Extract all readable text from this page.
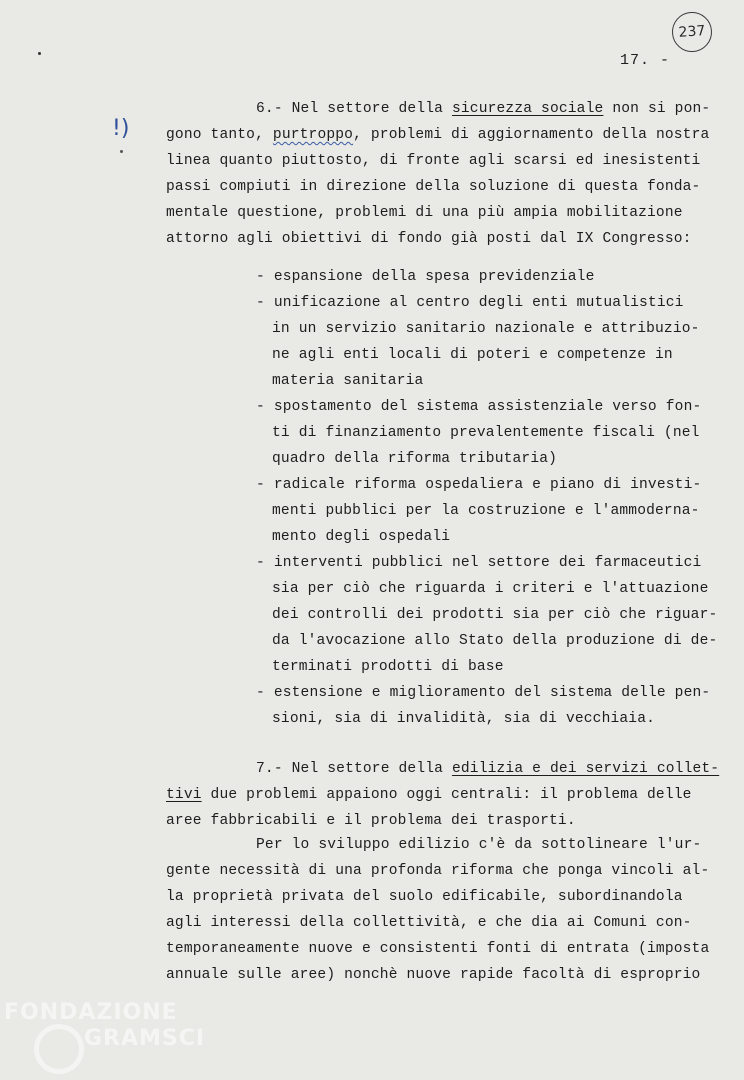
237
17. -
!)
6.- Nel settore della sicurezza sociale non si pon-
gono tanto, purtroppo, problemi di aggiornamento della nostra
linea quanto piuttosto, di fronte agli scarsi ed inesistenti
passi compiuti in direzione della soluzione di questa fonda-
mentale questione, problemi di una più ampia mobilitazione
attorno agli obiettivi di fondo già posti dal IX Congresso:
- espansione della spesa previdenziale
- unificazione al centro degli enti mutualistici
in un servizio sanitario nazionale e attribuzio-
ne agli enti locali di poteri e competenze in
materia sanitaria
- spostamento del sistema assistenziale verso fon-
ti di finanziamento prevalentemente fiscali (nel
quadro della riforma tributaria)
- radicale riforma ospedaliera e piano di investi-
menti pubblici per la costruzione e l'ammoderna-
mento degli ospedali
- interventi pubblici nel settore dei farmaceutici
sia per ciò che riguarda i criteri e l'attuazione
dei controlli dei prodotti sia per ciò che riguar-
da l'avocazione allo Stato della produzione di de-
terminati prodotti di base
- estensione e miglioramento del sistema delle pen-
sioni, sia di invalidità, sia di vecchiaia.
7.- Nel settore della edilizia e dei servizi collet-
tivi due problemi appaiono oggi centrali: il problema delle
aree fabbricabili e il problema dei trasporti.
Per lo sviluppo edilizio c'è da sottolineare l'ur-
gente necessità di una profonda riforma che ponga vincoli al-
la proprietà privata del suolo edificabile, subordinandola
agli interessi della collettività, e che dia ai Comuni con-
temporaneamente nuove e consistenti fonti di entrata (imposta
annuale sulle aree) nonchè nuove rapide facoltà di esproprio
FONDAZIONE
GRAMSCI
